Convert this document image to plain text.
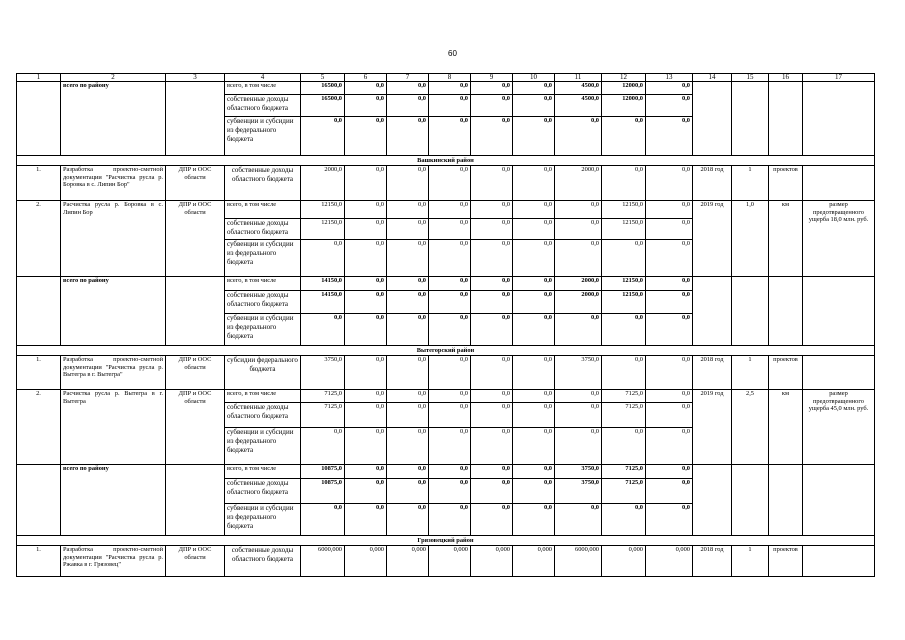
60
1	2	3	4	5	6	7	8	9	10	11	12	13	14	15	16	17
	всего по району		всего, в том числе	16500,0	0,0	0,0	0,0	0,0	0,0	4500,0	12000,0	0,0				
			собственные доходы областного бюджета	16500,0	0,0	0,0	0,0	0,0	0,0	4500,0	12000,0	0,0				
			субвенции и субсидии из федерального бюджета	0,0	0,0	0,0	0,0	0,0	0,0	0,0	0,0	0,0				
Вашкинский район																
1.	Разработка проектно-сметной документации "Расчистка русла р. Боровка в с. Липин Бор"	ДПР и ООС области	собственные доходы областного бюджета	2000,0	0,0	0,0	0,0	0,0	0,0	2000,0	0,0	0,0	2018 год	1	проектов	
2.	Расчистка русла р. Боровка в с. Липин Бор	ДПР и ООС области	всего, в том числе	12150,0	0,0	0,0	0,0	0,0	0,0	0,0	12150,0	0,0	2019 год	1,0	км	размер предотвращенного ущерба 18,0 млн. руб.
			собственные доходы областного бюджета	12150,0	0,0	0,0	0,0	0,0	0,0	0,0	12150,0	0,0				
			субвенции и субсидии из федерального бюджета	0,0	0,0	0,0	0,0	0,0	0,0	0,0	0,0	0,0				
	всего по району		всего, в том числе	14150,0	0,0	0,0	0,0	0,0	0,0	2000,0	12150,0	0,0				
			собственные доходы областного бюджета	14150,0	0,0	0,0	0,0	0,0	0,0	2000,0	12150,0	0,0				
			субвенции и субсидии из федерального бюджета	0,0	0,0	0,0	0,0	0,0	0,0	0,0	0,0	0,0				
Вытегорский район																
1.	Разработка проектно-сметной документации "Расчистка русла р. Вытегра в г. Вытегра"	ДПР и ООС области	субсидии федерального бюджета	3750,0	0,0	0,0	0,0	0,0	0,0	3750,0	0,0	0,0	2018 год	1	проектов	
2.	Расчистка русла р. Вытегра в г. Вытегра	ДПР и ООС области	всего, в том числе	7125,0	0,0	0,0	0,0	0,0	0,0	0,0	7125,0	0,0	2019 год	2,5	км	размер предотвращенного ущерба 45,0 млн. руб.
			собственные доходы областного бюджета	7125,0	0,0	0,0	0,0	0,0	0,0	0,0	7125,0	0,0				
			субвенции и субсидии из федерального бюджета	0,0	0,0	0,0	0,0	0,0	0,0	0,0	0,0	0,0				
	всего по району		всего, в том числе	10875,0	0,0	0,0	0,0	0,0	0,0	3750,0	7125,0	0,0				
			собственные доходы областного бюджета	10875,0	0,0	0,0	0,0	0,0	0,0	3750,0	7125,0	0,0				
			субвенции и субсидии из федерального бюджета	0,0	0,0	0,0	0,0	0,0	0,0	0,0	0,0	0,0				
Грязовецкий район																
1.	Разработка проектно-сметной документации "Расчистка русла р. Ржавка в г. Грязовец"	ДПР и ООС области	собственные доходы областного бюджета	6000,000	0,000	0,000	0,000	0,000	0,000	6000,000	0,000	0,000	2018 год	1	проектов	
